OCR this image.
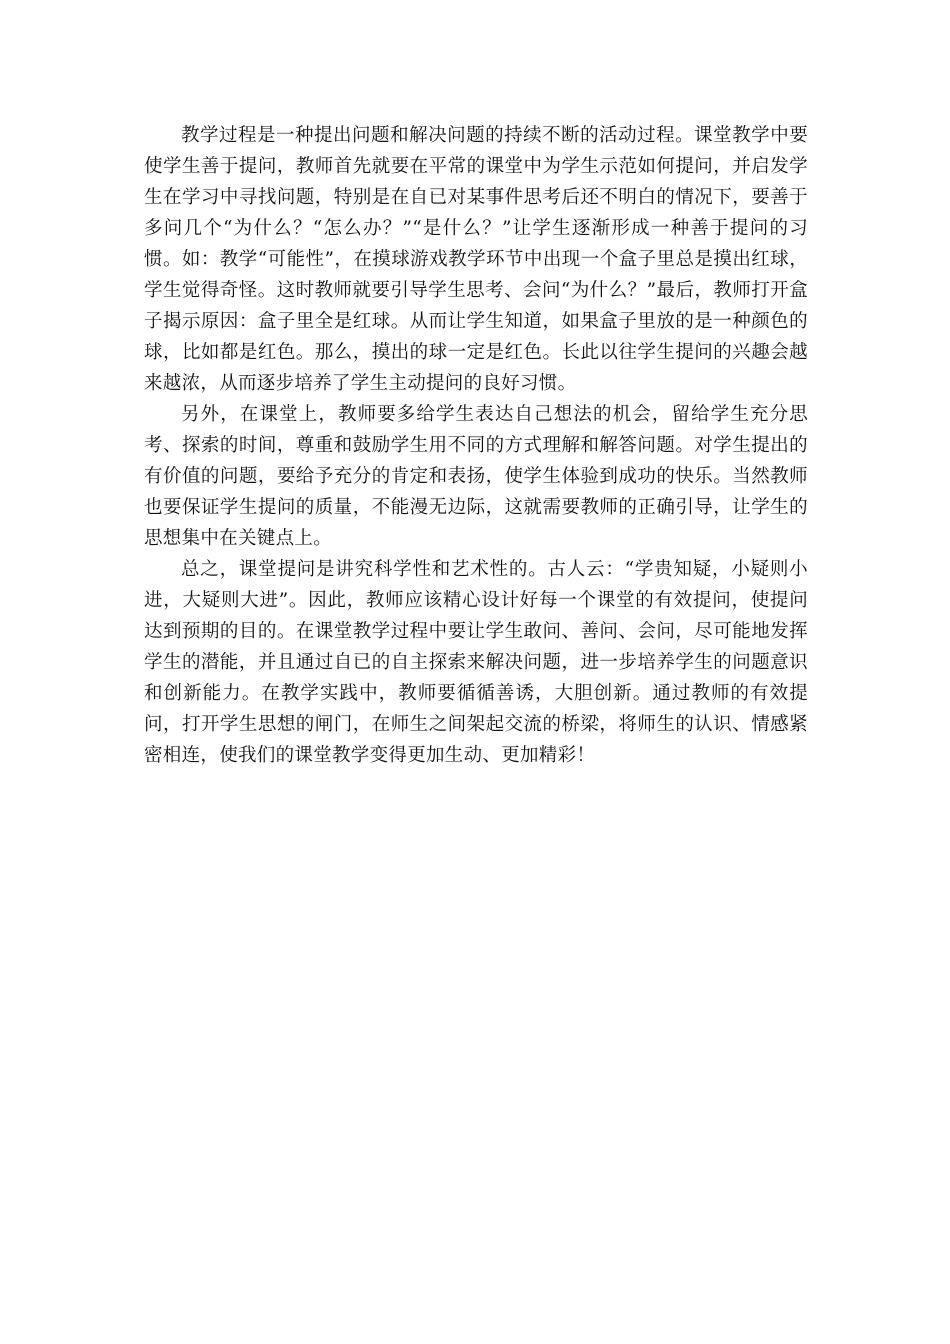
教学过程是一种提出问题和解决问题的持续不断的活动过程。课堂教学中要使学生善于提问，教师首先就要在平常的课堂中为学生示范如何提问，并启发学生在学习中寻找问题，特别是在自已对某事件思考后还不明白的情况下，要善于多问几个“为什么？“怎么办？”“是什么？”让学生逐渐形成一种善于提问的习惯。如：教学“可能性”，在摸球游戏教学环节中出现一个盒子里总是摸出红球，学生觉得奇怪。这时教师就要引导学生思考、会问“为什么？”最后，教师打开盒子揭示原因：盒子里全是红球。从而让学生知道，如果盒子里放的是一种颜色的球，比如都是红色。那么，摸出的球一定是红色。长此以往学生提问的兴趣会越来越浓，从而逐步培养了学生主动提问的良好习惯。

另外，在课堂上，教师要多给学生表达自己想法的机会，留给学生充分思考、探索的时间，尊重和鼓励学生用不同的方式理解和解答问题。对学生提出的有价值的问题，要给予充分的肯定和表扬，使学生体验到成功的快乐。当然教师也要保证学生提问的质量，不能漫无边际，这就需要教师的正确引导，让学生的思想集中在关键点上。

总之，课堂提问是讲究科学性和艺术性的。古人云：“学贵知疑，小疑则小进，大疑则大进”。因此，教师应该精心设计好每一个课堂的有效提问，使提问达到预期的目的。在课堂教学过程中要让学生敢问、善问、会问，尽可能地发挥学生的潜能，并且通过自已的自主探索来解决问题，进一步培养学生的问题意识和创新能力。在教学实践中，教师要循循善诱，大胆创新。通过教师的有效提问，打开学生思想的闸门，在师生之间架起交流的桥梁，将师生的认识、情感紧密相连，使我们的课堂教学变得更加生动、更加精彩！
